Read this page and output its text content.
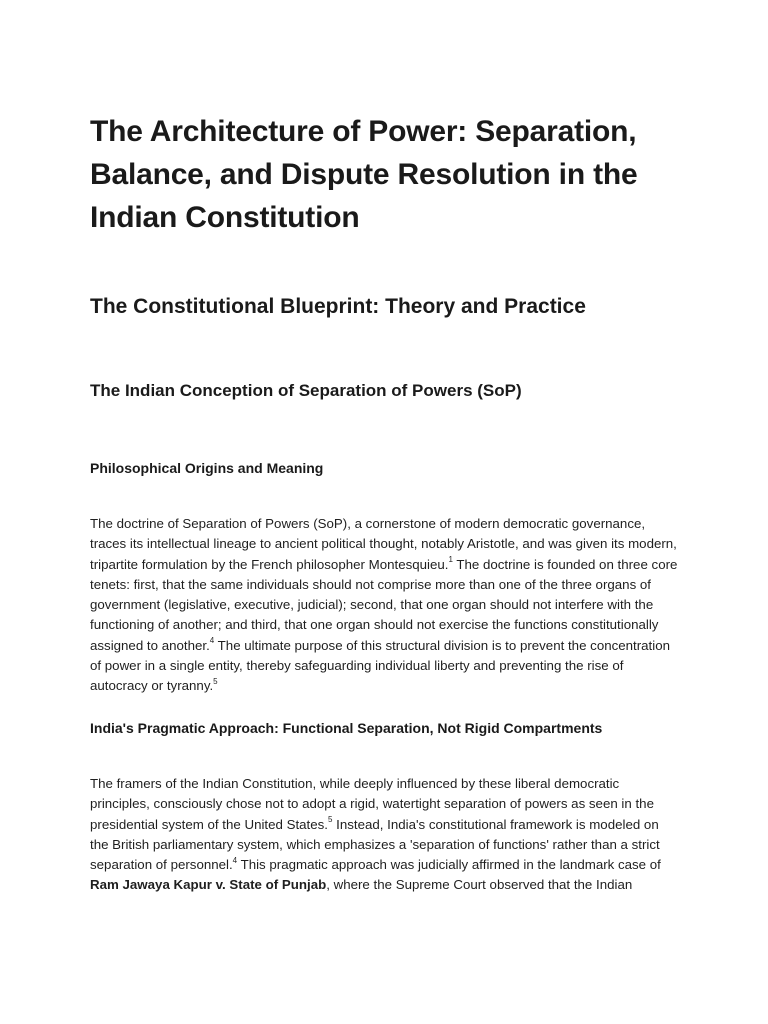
The Architecture of Power: Separation, Balance, and Dispute Resolution in the Indian Constitution
The Constitutional Blueprint: Theory and Practice
The Indian Conception of Separation of Powers (SoP)
Philosophical Origins and Meaning

The doctrine of Separation of Powers (SoP), a cornerstone of modern democratic governance, traces its intellectual lineage to ancient political thought, notably Aristotle, and was given its modern, tripartite formulation by the French philosopher Montesquieu.$^1$ The doctrine is founded on three core tenets: first, that the same individuals should not comprise more than one of the three organs of government (legislative, executive, judicial); second, that one organ should not interfere with the functioning of another; and third, that one organ should not exercise the functions constitutionally assigned to another.$^4$ The ultimate purpose of this structural division is to prevent the concentration of power in a single entity, thereby safeguarding individual liberty and preventing the rise of autocracy or tyranny.$^5$

India's Pragmatic Approach: Functional Separation, Not Rigid Compartments

The framers of the Indian Constitution, while deeply influenced by these liberal democratic principles, consciously chose not to adopt a rigid, watertight separation of powers as seen in the presidential system of the United States.$^5$ Instead, India's constitutional framework is modeled on the British parliamentary system, which emphasizes a 'separation of functions' rather than a strict separation of personnel.$^4$ This pragmatic approach was judicially affirmed in the landmark case of
Ram Jawaya Kapur v. State of Punjab, where the Supreme Court observed that the Indian
